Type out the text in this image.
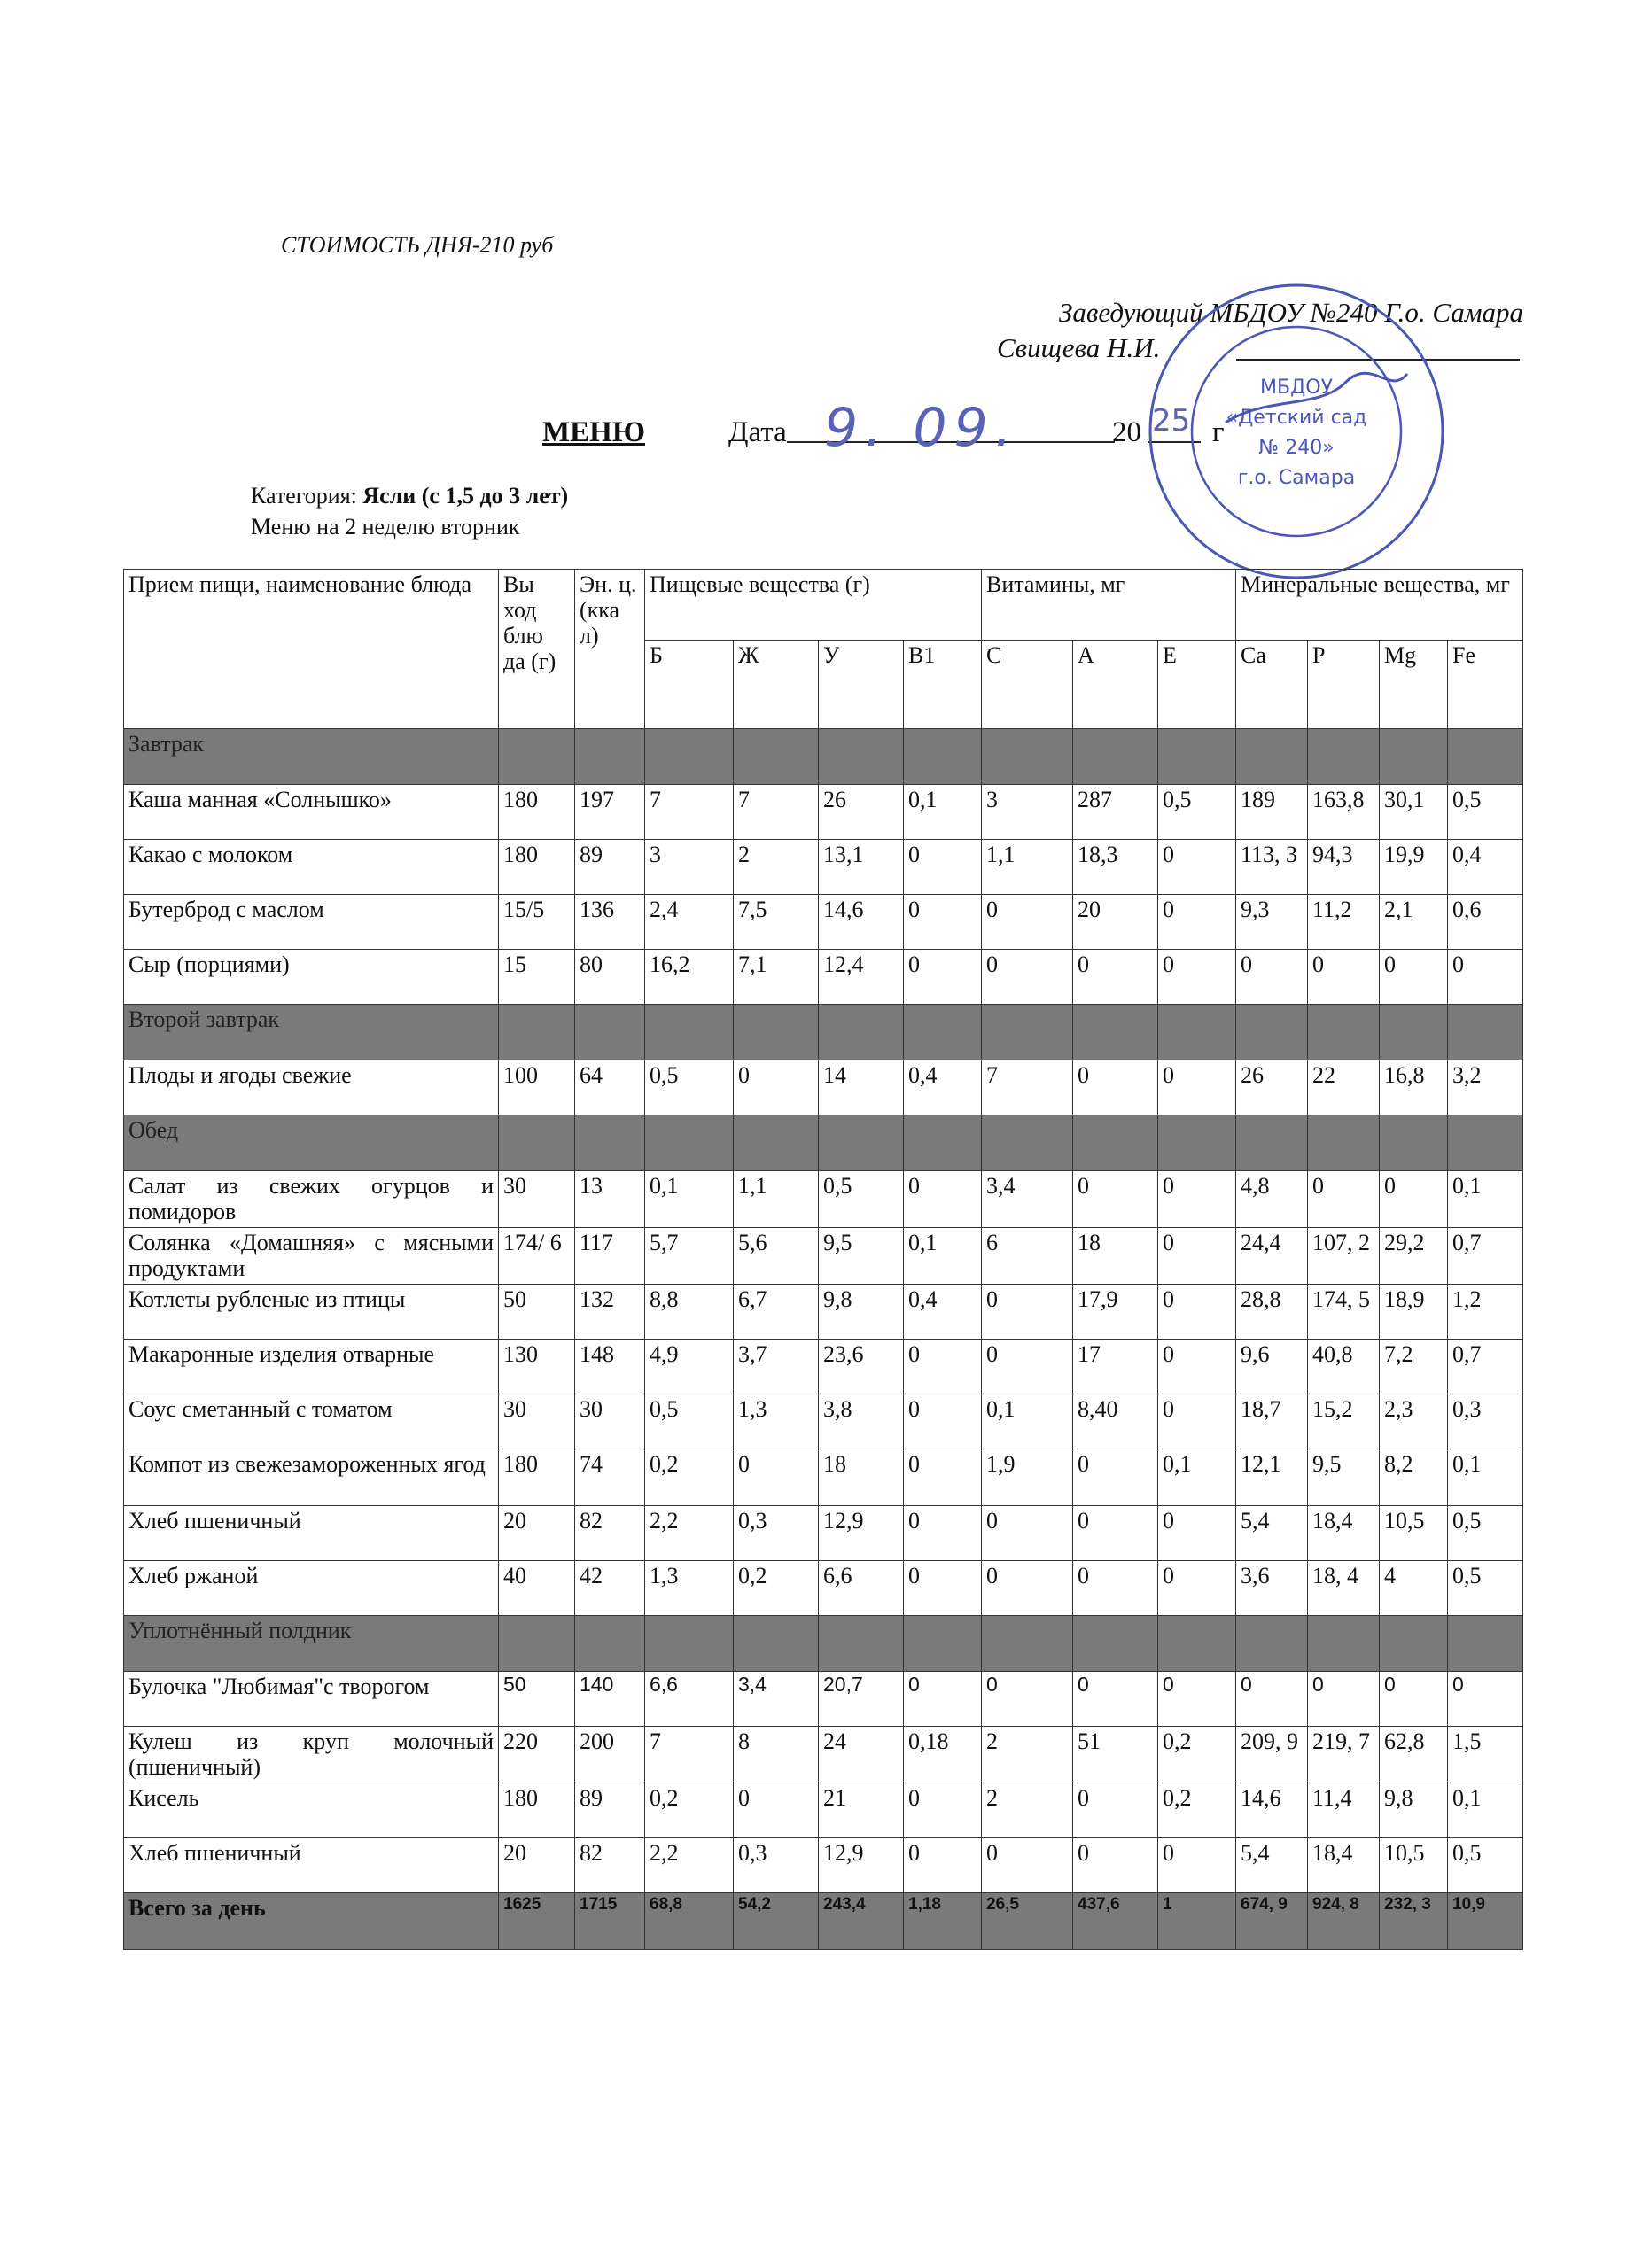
СТОИМОСТЬ ДНЯ-210 руб
Заведующий МБДОУ №240 Г.о. Самара
Свищева Н.И.
МЕНЮ	Дата 9. 09.	20 25 г
Категория: Ясли (с 1,5 до 3 лет)
Меню на 2 неделю вторник
МБДОУ
«Детский сад
№ 240»
г.о. Самара
Прием пищи, наименование блюда	Вы ход блю да (г)	Эн. ц. (кка л)	Пищевые вещества (г)				Витамины, мг			Минеральные вещества, мг			
			Б	Ж	У	В1	С	А	Е	Ca	P	Mg	Fe
Завтрак													
Каша манная «Солнышко»	180	197	7	7	26	0,1	3	287	0,5	189	163,8	30,1	0,5
Какао с молоком	180	89	3	2	13,1	0	1,1	18,3	0	113, 3	94,3	19,9	0,4
Бутерброд с маслом	15/5	136	2,4	7,5	14,6	0	0	20	0	9,3	11,2	2,1	0,6
Сыр (порциями)	15	80	16,2	7,1	12,4	0	0	0	0	0	0	0	0
Второй завтрак													
Плоды и ягоды свежие	100	64	0,5	0	14	0,4	7	0	0	26	22	16,8	3,2
Обед													
Салат из свежих огурцов и помидоров	30	13	0,1	1,1	0,5	0	3,4	0	0	4,8	0	0	0,1
Солянка «Домашняя» с мясными продуктами	174/ 6	117	5,7	5,6	9,5	0,1	6	18	0	24,4	107, 2	29,2	0,7
Котлеты рубленые из птицы	50	132	8,8	6,7	9,8	0,4	0	17,9	0	28,8	174, 5	18,9	1,2
Макаронные изделия отварные	130	148	4,9	3,7	23,6	0	0	17	0	9,6	40,8	7,2	0,7
Соус сметанный с томатом	30	30	0,5	1,3	3,8	0	0,1	8,40	0	18,7	15,2	2,3	0,3
Компот из свежезамороженных ягод	180	74	0,2	0	18	0	1,9	0	0,1	12,1	9,5	8,2	0,1
Хлеб пшеничный	20	82	2,2	0,3	12,9	0	0	0	0	5,4	18,4	10,5	0,5
Хлеб ржаной	40	42	1,3	0,2	6,6	0	0	0	0	3,6	18, 4	4	0,5
Уплотнённый полдник													
Булочка "Любимая"с творогом	50	140	6,6	3,4	20,7	0	0	0	0	0	0	0	0
Кулеш из круп молочный (пшеничный)	220	200	7	8	24	0,18	2	51	0,2	209, 9	219, 7	62,8	1,5
Кисель	180	89	0,2	0	21	0	2	0	0,2	14,6	11,4	9,8	0,1
Хлеб пшеничный	20	82	2,2	0,3	12,9	0	0	0	0	5,4	18,4	10,5	0,5
Всего за день	1625	1715	68,8	54,2	243,4	1,18	26,5	437,6	1	674, 9	924, 8	232, 3	10,9
